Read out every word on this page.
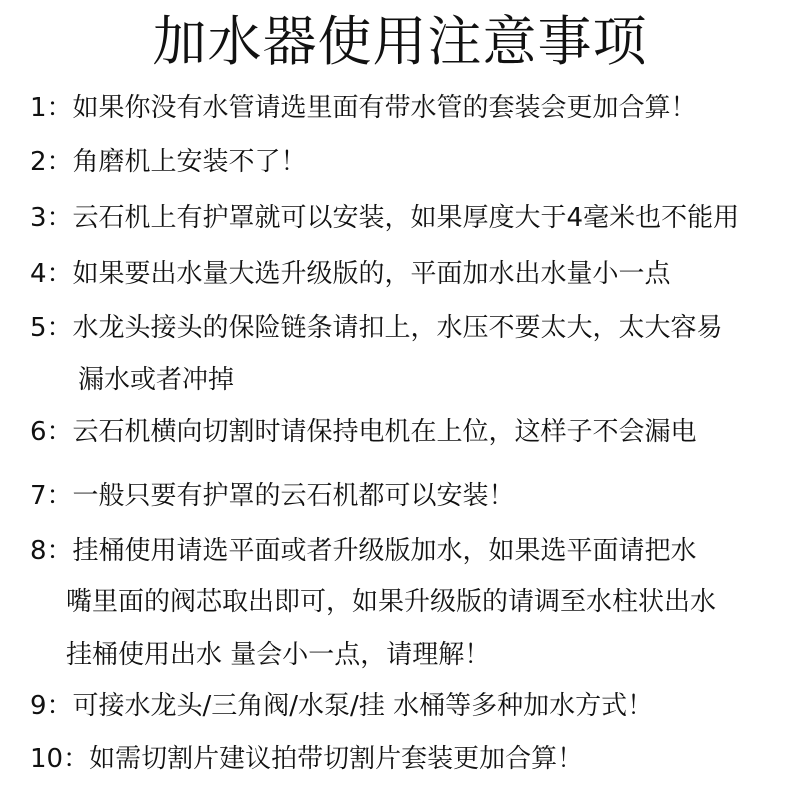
加水器使用注意事项

1：如果你没有水管请选里面有带水管的套装会更加合算！

2：角磨机上安装不了！

3：云石机上有护罩就可以安装，如果厚度大于4毫米也不能用

4：如果要出水量大选升级版的，平面加水出水量小一点

5：水龙头接头的保险链条请扣上，水压不要太大，太大容易

漏水或者冲掉

6：云石机横向切割时请保持电机在上位，这样子不会漏电

7：一般只要有护罩的云石机都可以安装！

8：挂桶使用请选平面或者升级版加水，如果选平面请把水

嘴里面的阀芯取出即可，如果升级版的请调至水柱状出水

挂桶使用出水 量会小一点，请理解！

9：可接水龙头/三角阀/水泵/挂 水桶等多种加水方式！

10：如需切割片建议拍带切割片套装更加合算！
